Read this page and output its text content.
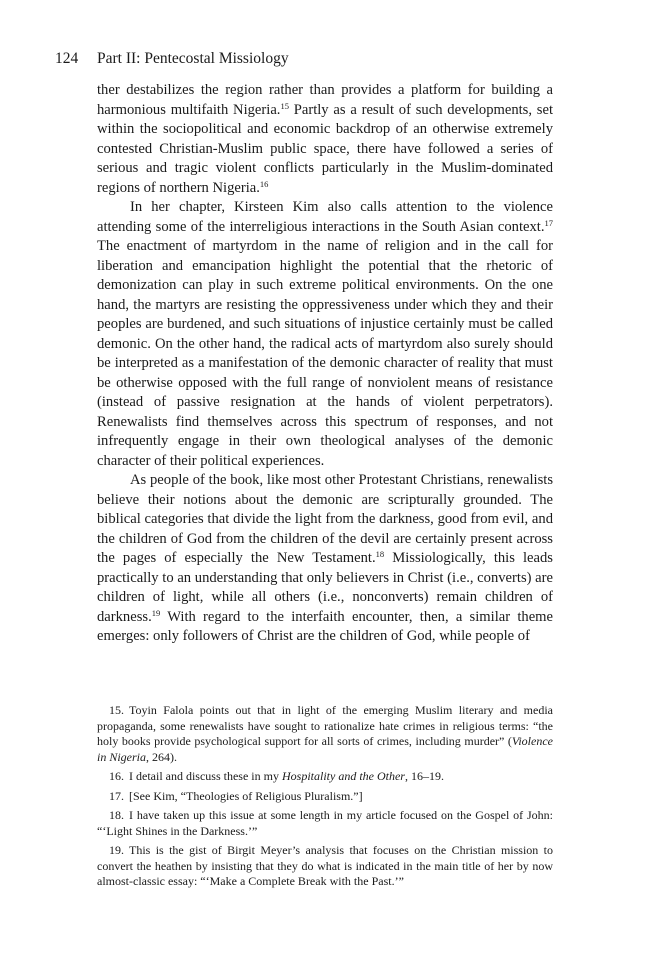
124 Part II: Pentecostal Missiology

ther destabilizes the region rather than provides a platform for building a harmonious multifaith Nigeria.$^{15}$ Partly as a result of such developments, set within the sociopolitical and economic backdrop of an otherwise extremely contested Christian-Muslim public space, there have followed a series of serious and tragic violent conflicts particularly in the Muslim-dominated regions of northern Nigeria.$^{16}$

In her chapter, Kirsteen Kim also calls attention to the violence attending some of the interreligious interactions in the South Asian context.$^{17}$ The enactment of martyrdom in the name of religion and in the call for liberation and emancipation highlight the potential that the rhetoric of demonization can play in such extreme political environments. On the one hand, the martyrs are resisting the oppressiveness under which they and their peoples are burdened, and such situations of injustice certainly must be called demonic. On the other hand, the radical acts of martyrdom also surely should be interpreted as a manifestation of the demonic character of reality that must be otherwise opposed with the full range of nonviolent means of resistance (instead of passive resignation at the hands of violent perpetrators). Renewalists find themselves across this spectrum of responses, and not infrequently engage in their own theological analyses of the demonic character of their political experiences.

As people of the book, like most other Protestant Christians, renewalists believe their notions about the demonic are scripturally grounded. The biblical categories that divide the light from the darkness, good from evil, and the children of God from the children of the devil are certainly present across the pages of especially the New Testament.$^{18}$ Missiologically, this leads practically to an understanding that only believers in Christ (i.e., converts) are children of light, while all others (i.e., nonconverts) remain children of darkness.$^{19}$ With regard to the interfaith encounter, then, a similar theme emerges: only followers of Christ are the children of God, while people of

15. Toyin Falola points out that in light of the emerging Muslim literary and media propaganda, some renewalists have sought to rationalize hate crimes in religious terms: “the holy books provide psychological support for all sorts of crimes, including murder” (Violence in Nigeria, 264).

16. I detail and discuss these in my Hospitality and the Other, 16–19.

17. [See Kim, “Theologies of Religious Pluralism.”]

18. I have taken up this issue at some length in my article focused on the Gospel of John: “‘Light Shines in the Darkness.’”

19. This is the gist of Birgit Meyer’s analysis that focuses on the Christian mission to convert the heathen by insisting that they do what is indicated in the main title of her by now almost-classic essay: “‘Make a Complete Break with the Past.’”
